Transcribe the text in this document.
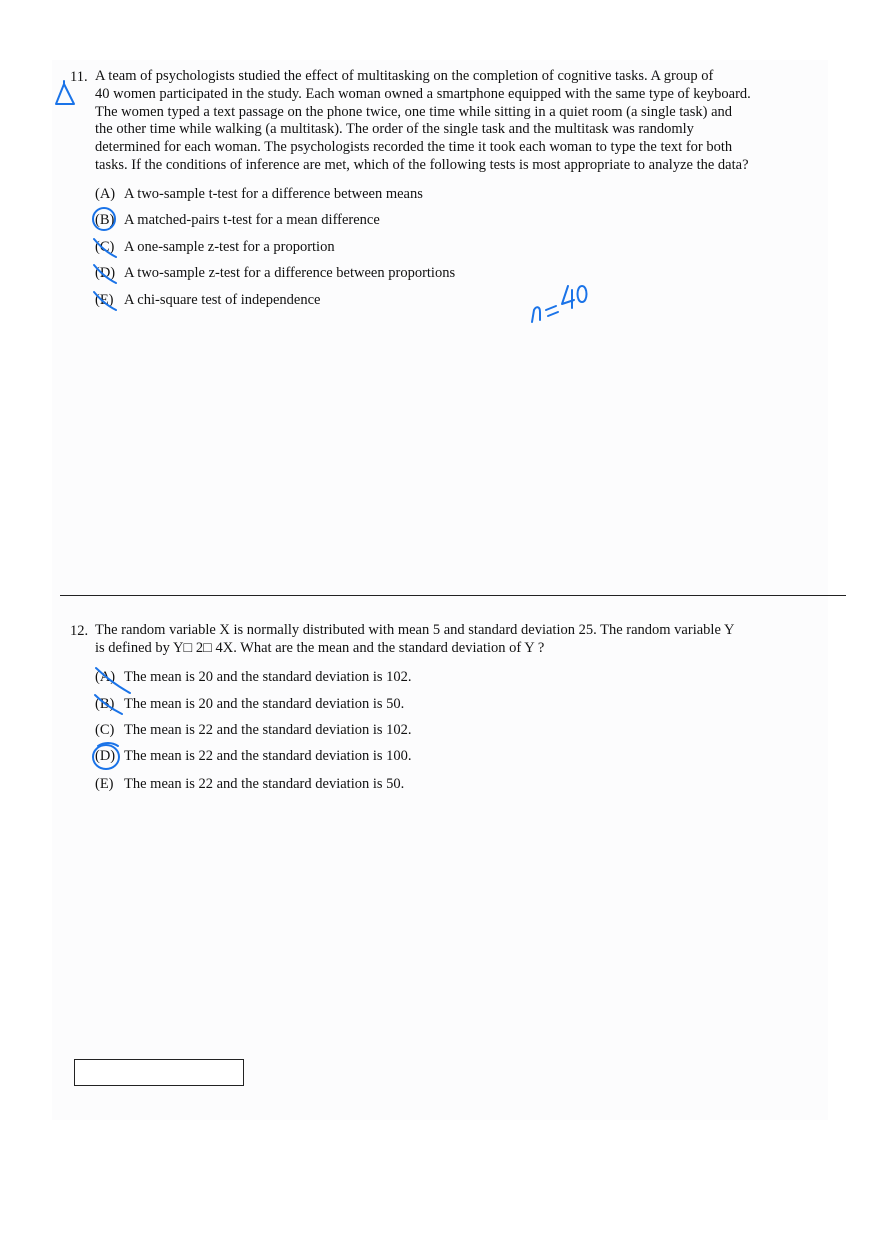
11. A team of psychologists studied the effect of multitasking on the completion of cognitive tasks. A group of
40 women participated in the study. Each woman owned a smartphone equipped with the same type of keyboard.
The women typed a text passage on the phone twice, one time while sitting in a quiet room (a single task) and
the other time while walking (a multitask). The order of the single task and the multitask was randomly
determined for each woman. The psychologists recorded the time it took each woman to type the text for both
tasks. If the conditions of inference are met, which of the following tests is most appropriate to analyze the data?
(A) A two-sample t-test for a difference between means
(B) A matched-pairs t-test for a mean difference
(C) A one-sample z-test for a proportion
(D) A two-sample z-test for a difference between proportions
(E) A chi-square test of independence
12. The random variable X is normally distributed with mean 5 and standard deviation 25. The random variable Y
is defined by Y□ 2□ 4X. What are the mean and the standard deviation of Y ?
(A) The mean is 20 and the standard deviation is 102.
(B) The mean is 20 and the standard deviation is 50.
(C) The mean is 22 and the standard deviation is 102.
(D) The mean is 22 and the standard deviation is 100.
(E) The mean is 22 and the standard deviation is 50.
